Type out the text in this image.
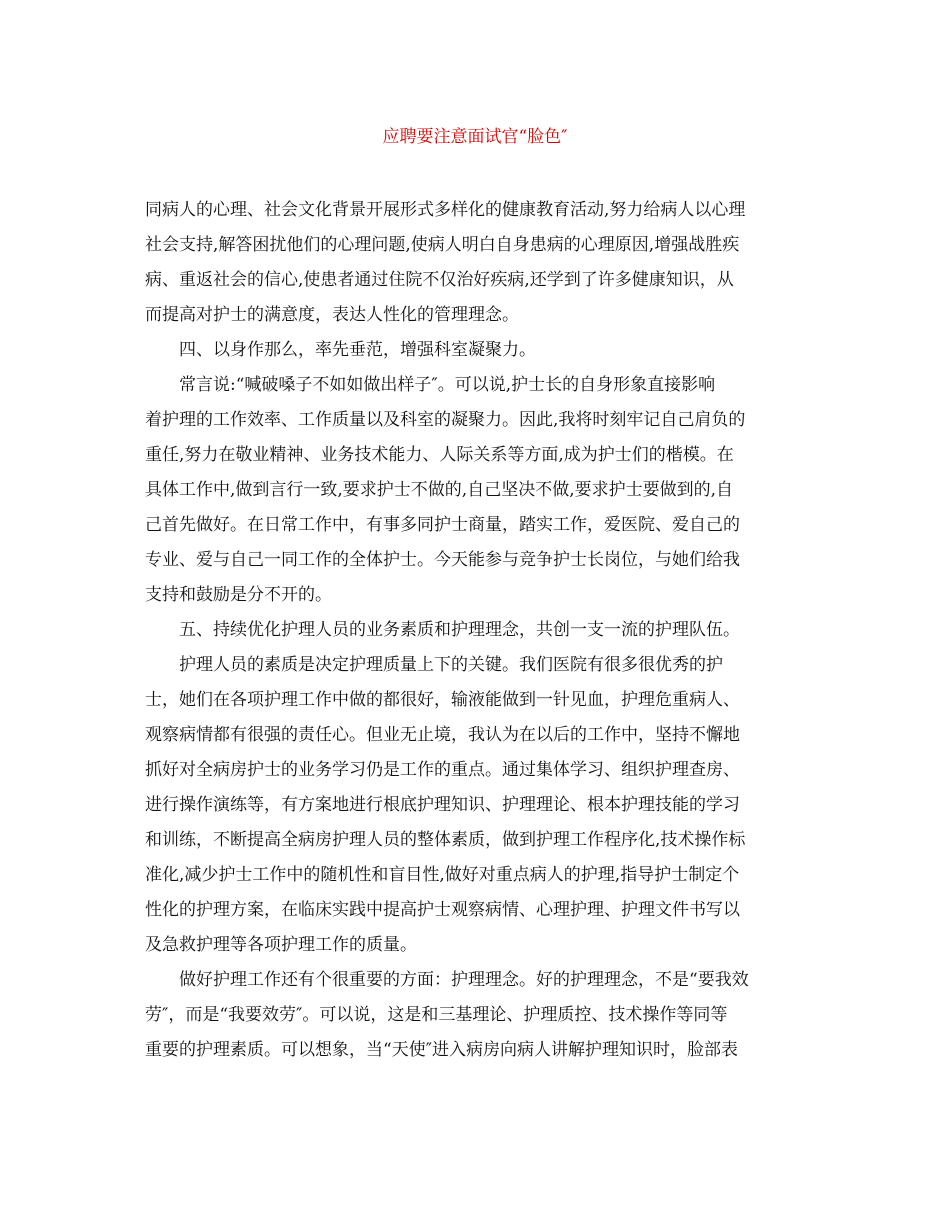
应聘要注意面试官“脸色″
同病人的心理、社会文化背景开展形式多样化的健康教育活动,努力给病人以心理
社会支持,解答困扰他们的心理问题,使病人明白自身患病的心理原因,增强战胜疾
病、重返社会的信心,使患者通过住院不仅治好疾病,还学到了许多健康知识，从
而提高对护士的满意度，表达人性化的管理理念。
四、以身作那么，率先垂范，增强科室凝聚力。
常言说:“喊破嗓子不如如做出样子″。可以说,护士长的自身形象直接影响
着护理的工作效率、工作质量以及科室的凝聚力。因此,我将时刻牢记自己肩负的
重任,努力在敬业精神、业务技术能力、人际关系等方面,成为护士们的楷模。在
具体工作中,做到言行一致,要求护士不做的,自己坚决不做,要求护士要做到的,自
己首先做好。在日常工作中，有事多同护士商量，踏实工作，爱医院、爱自己的
专业、爱与自己一同工作的全体护士。今天能参与竞争护士长岗位，与她们给我
支持和鼓励是分不开的。
五、持续优化护理人员的业务素质和护理理念，共创一支一流的护理队伍。
护理人员的素质是决定护理质量上下的关键。我们医院有很多很优秀的护
士，她们在各项护理工作中做的都很好，输液能做到一针见血，护理危重病人、
观察病情都有很强的责任心。但业无止境，我认为在以后的工作中，坚持不懈地
抓好对全病房护士的业务学习仍是工作的重点。通过集体学习、组织护理查房、
进行操作演练等，有方案地进行根底护理知识、护理理论、根本护理技能的学习
和训练，不断提高全病房护理人员的整体素质，做到护理工作程序化,技术操作标
准化,减少护士工作中的随机性和盲目性,做好对重点病人的护理,指导护士制定个
性化的护理方案，在临床实践中提高护士观察病情、心理护理、护理文件书写以
及急救护理等各项护理工作的质量。
做好护理工作还有个很重要的方面：护理理念。好的护理理念，不是“要我效
劳″，而是“我要效劳″。可以说，这是和三基理论、护理质控、技术操作等同等
重要的护理素质。可以想象，当“天使″进入病房向病人讲解护理知识时，脸部表
